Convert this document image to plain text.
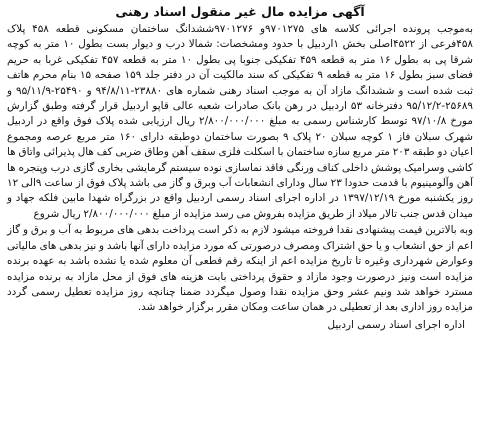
آگهی مزایده مال غیر منقول اسناد رهنی

به‌موجب پرونده اجرائی کلاسه های ۹۷۰۱۲۷۵و ۹۷۰۱۲۷۶ششدانگ ساختمان مسکونی قطعه ۴۵۸ پلاک ۴۵۸فرعی از ۴۵۲۲اصلی بخش ۱اردبیل با حدود ومشخصات: شمالا درب و دیوار بست بطول ۱۰ متر به کوچه شرقا پی به بطول ۱۶ متر به قطعه ۴۵۹ تفکیکی جنوبا پی بطول ۱۰ متر به قطعه ۴۵۷ تفکیکی غربا به حریم فضای سبز بطول ۱۶ متر به قطعه ۹ تفکیکی که سند مالکیت آن در دفتر جلد ۱۵۹ صفحه ۱۵ بنام محرم هاتف ثبت شده است و ششدانگ مازاد آن به موجب اسناد رهنی شماره های ۲۳۸۸۰-۹۴/۸/۱۱ و ۲۵۴۹۰-۹۵/۱۱/۹ و ۲۵۶۸۹-۹۵/۱۲/۲ دفترخانه ۵۳ اردبیل در رهن بانک صادرات شعبه عالی قاپو اردبیل قرار گرفته وطبق گزارش مورخ ۹۷/۱۰/۸ توسط کارشناس رسمی به مبلغ ۲/۸۰۰/۰۰۰/۰۰۰ ریال ارزیابی شده پلاک فوق واقع در اردبیل شهرک سبلان فاز ۱ کوچه سبلان ۲۰ پلاک ۹ بصورت ساختمان دوطبقه دارای ۱۶۰ متر مربع عرصه ومجموع اعیان دو طبقه ۲۰۳ متر مربع سازه ساختمان با اسکلت فلزی سقف آهن وطاق ضربی کف هال پذیرائی واتاق ها کاشی وسرامیک پوشش داخلی کناف ورنگی فاقد نماسازی نوده سیستم گرمایشی بخاری گازی درب وپنجره ها آهن وآلومینیوم با قدمت حدودا ۲۳ سال ودارای انشعابات آب وبرق و گاز می باشد پلاک فوق از ساعت ۹الی ۱۲ روز یکشنبه مورخ ۱۳۹۷/۱۲/۱۹ در اداره اجرای اسناد رسمی اردبیل واقع در بزرگراه شهدا مابین فلکه جهاد و میدان قدس جنب تالار میلاد از طریق مزایده بفروش می رسد مزایده از مبلغ ۲/۸۰۰/۰۰۰/۰۰۰ ریال شروع

وبه بالاترین قیمت پیشنهادی نقدا فروخته میشود لازم به ذکر است پرداخت بدهی های مربوط به آب و برق و گاز اعم از حق انشعاب و یا حق اشتراک ومصرف درصورتی که مورد مزایده دارای آنها باشد و نیز بدهی های مالیاتی وعوارض شهرداری وغیره تا تاریخ مزایده اعم از اینکه رقم قطعی آن معلوم شده یا نشده باشد به عهده برنده مزایده است ونیز درصورت وجود مازاد و حقوق پرداختی بابت هزینه های فوق از محل مازاد به برنده مزایده مسترد خواهد شد ونیم عشر وحق مزایده نقدا وصول میگردد ضمنا چنانچه روز مزایده تعطیل رسمی گردد مزایده روز اداری بعد از تعطیلی در همان ساعت ومکان مقرر برگزار خواهد شد.

اداره اجرای اسناد رسمی اردبیل
